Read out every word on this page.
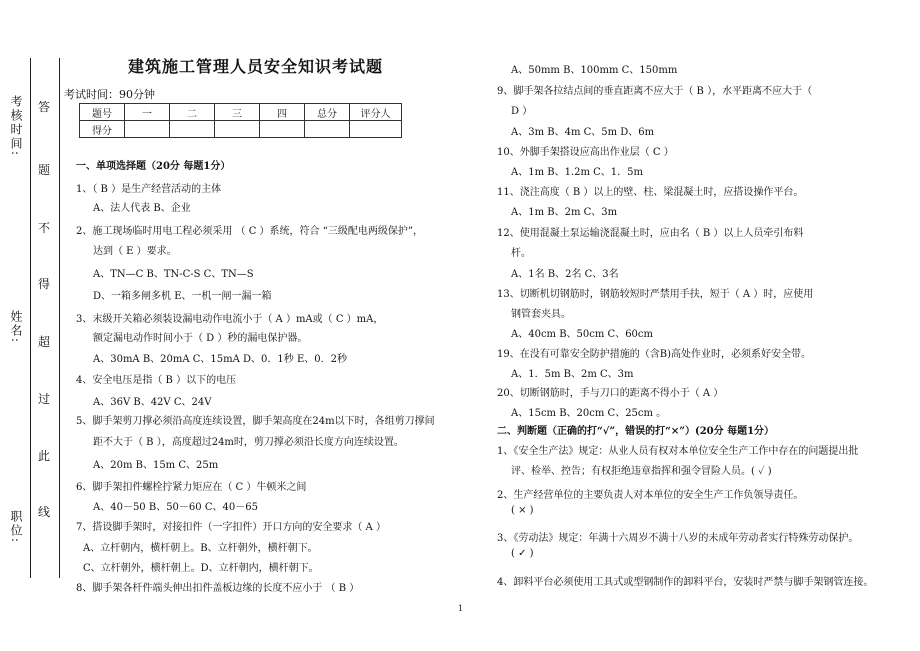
考核时间:
姓名:
职位:
答
题
不
得
超
过
此
线
建筑施工管理人员安全知识考试题
考试时间：90分钟
题号	一	二	三	四	总分	评分人
得分						
一、单项选择题（20分 每题1分）
1、（ B ）是生产经营活动的主体
A、法人代表 B、企业
2、施工现场临时用电工程必须采用 （ C ）系统，符合 “三级配电两级保护”，
达到（ E ）要求。
A、TN—C B、TN-C-S C、TN—S
D、一箱多闸多机 E、一机一闸一漏一箱
3、末级开关箱必须装设漏电动作电流小于（ A ）mA或（ C ）mA，
额定漏电动作时间小于（ D ）秒的漏电保护器。
A、30mA B、20mA C、15mA D、0．1秒 E、0．2秒
4、安全电压是指（ B ）以下的电压
A、36V B、42V C、24V
5、脚手架剪刀撑必须沿高度连续设置，脚手架高度在24m以下时，各组剪刀撑间
距不大于（ B ），高度超过24m时，剪刀撑必须沿长度方向连续设置。
A、20m B、15m C、25m
6、脚手架扣件螺栓拧紧力矩应在（ C ）牛顿米之间
A、40－50 B、50－60 C、40－65
7、搭设脚手架时，对接扣件（一字扣件）开口方向的安全要求（ A ）
A、立杆朝内，横杆朝上。B、立杆朝外，横杆朝下。
C、立杆朝外，横杆朝上。D、立杆朝内，横杆朝下。
8、脚手架各杆件端头伸出扣件盖板边缘的长度不应小于 （ B ）
A、50mm B、100mm C、150mm
9、脚手架各拉结点间的垂直距离不应大于（ B ），水平距离不应大于（
D ）
A、3m B、4m C、5m D、6m
10、外脚手架搭设应高出作业层（ C ）
A、1m B、1.2m C、1．5m
11、浇注高度（ B ）以上的壁、柱、梁混凝土时，应搭设操作平台。
A、1m B、2m C、3m
12、使用混凝土泵运输浇混凝土时，应由名（ B ）以上人员牵引布料
杆。
A、1名 B、2名 C、3名
13、切断机切钢筋时，钢筋较短时严禁用手扶，短于（ A ）时，应使用
钢管套夹具。
A、40cm B、50cm C、60cm
19、在没有可靠安全防护措施的（含B)高处作业时，必须系好安全带。
A、1．5m B、2m C、3m
20、切断钢筋时，手与刀口的距离不得小于（ A ）
A、15cm B、20cm C、25cm 。
二、判断题（正确的打“√”，错误的打“×”）(20分 每题1分）
1、《安全生产法》规定：从业人员有权对本单位安全生产工作中存在的问题提出批
评、检举、控告；有权拒绝违章指挥和强令冒险人员。( ✓ )
2、生产经营单位的主要负责人对本单位的安全生产工作负领导责任。
( × )
3、《劳动法》规定：年满十六周岁不满十八岁的未成年劳动者实行特殊劳动保护。
( ✓ )
4、卸料平台必须使用工具式或型钢制作的卸料平台，安装时严禁与脚手架钢管连接。
1
